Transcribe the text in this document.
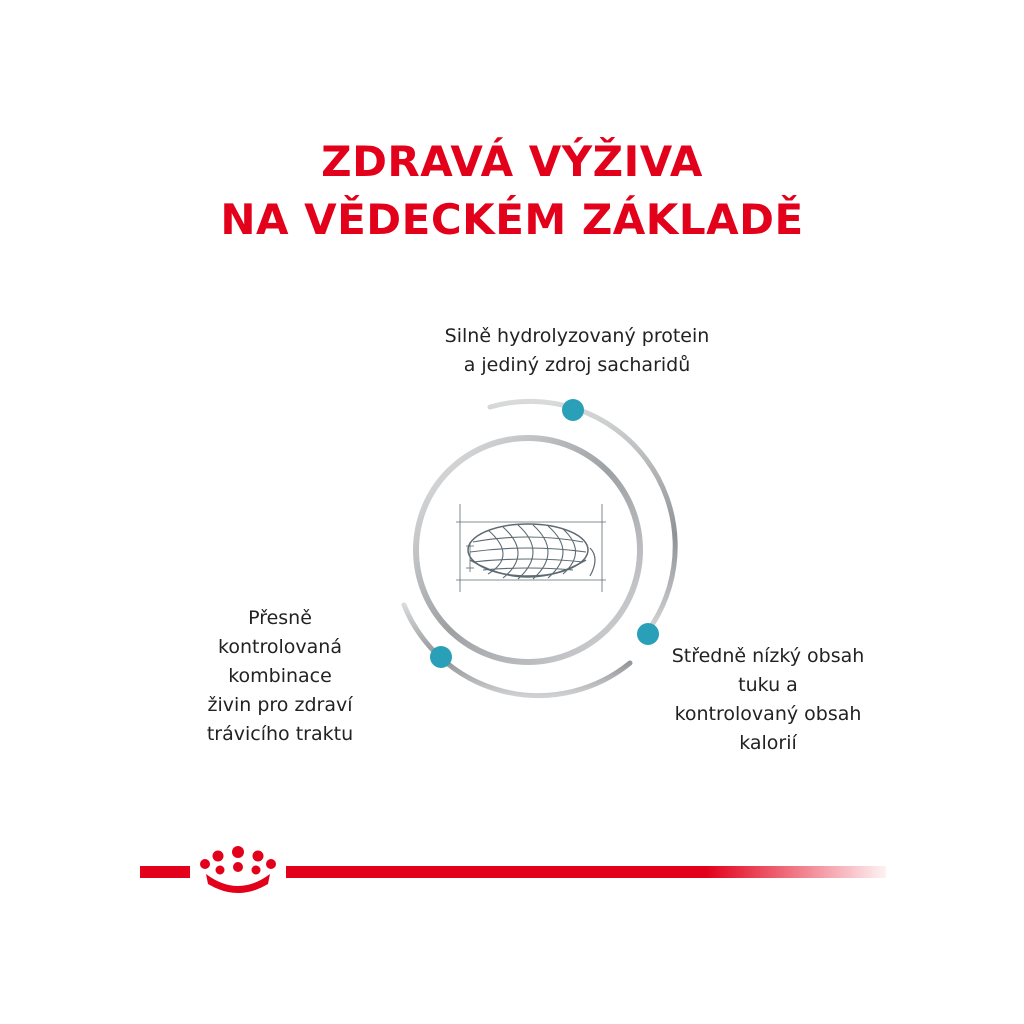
ZDRAVÁ VÝŽIVA
NA VĚDECKÉM ZÁKLADĚ
Silně hydrolyzovaný protein
a jediný zdroj sacharidů
Přesně
kontrolovaná
kombinace
živin pro zdraví
trávicího traktu
Středně nízký obsah
tuku a
kontrolovaný obsah
kalorií
